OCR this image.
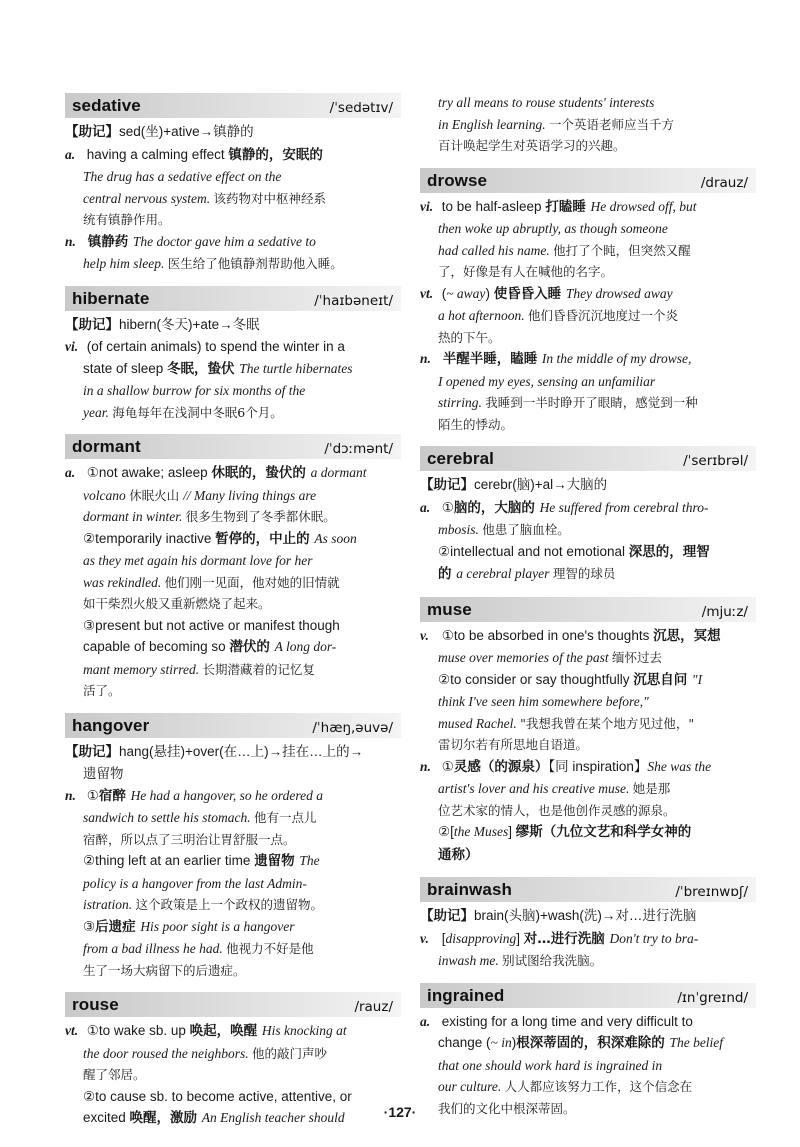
sedative	/ˈsedətɪv/

【助记】sed(坐)+ative→镇静的

a. having a calming effect 镇静的，安眠的

The drug has a sedative effect on the

central nervous system. 该药物对中枢神经系

统有镇静作用。

n. 镇静药 The doctor gave him a sedative to

help him sleep. 医生给了他镇静剂帮助他入睡。

hibernate	/ˈhaɪbəneɪt/

【助记】hibern(冬天)+ate→冬眠

vi. (of certain animals) to spend the winter in a

state of sleep 冬眠，蛰伏 The turtle hibernates

in a shallow burrow for six months of the

year. 海龟每年在浅洞中冬眠6个月。

dormant	/ˈdɔːmənt/

a. ①not awake; asleep 休眠的，蛰伏的 a dormant

volcano 休眠火山 // Many living things are

dormant in winter. 很多生物到了冬季都休眠。

②temporarily inactive 暂停的，中止的 As soon

as they met again his dormant love for her

was rekindled. 他们刚一见面，他对她的旧情就

如干柴烈火般又重新燃烧了起来。

③present but not active or manifest though

capable of becoming so 潜伏的 A long dor-

mant memory stirred. 长期潜藏着的记忆复

活了。

hangover	/ˈhæŋ,əuvə/

【助记】hang(悬挂)+over(在…上)→挂在…上的→

遗留物

n. ①宿醉 He had a hangover, so he ordered a

sandwich to settle his stomach. 他有一点儿

宿醉，所以点了三明治让胃舒服一点。

②thing left at an earlier time 遗留物 The

policy is a hangover from the last Admin-

istration. 这个政策是上一个政权的遗留物。

③后遗症 His poor sight is a hangover

from a bad illness he had. 他视力不好是他

生了一场大病留下的后遗症。

rouse	/rauz/

vt. ①to wake sb. up 唤起，唤醒 His knocking at

the door roused the neighbors. 他的敲门声吵

醒了邻居。

②to cause sb. to become active, attentive, or

excited 唤醒，激励 An English teacher should

try all means to rouse students' interests

in English learning. 一个英语老师应当千方

百计唤起学生对英语学习的兴趣。

drowse	/drauz/

vi. to be half-asleep 打瞌睡 He drowsed off, but

then woke up abruptly, as though someone

had called his name. 他打了个盹，但突然又醒

了，好像是有人在喊他的名字。

vt. (~ away) 使昏昏入睡 They drowsed away

a hot afternoon. 他们昏昏沉沉地度过一个炎

热的下午。

n. 半醒半睡，瞌睡 In the middle of my drowse,

I opened my eyes, sensing an unfamiliar

stirring. 我睡到一半时睁开了眼睛，感觉到一种

陌生的悸动。

cerebral	/ˈserɪbrəl/

【助记】cerebr(脑)+al→大脑的

a. ①脑的，大脑的 He suffered from cerebral thro-

mbosis. 他患了脑血栓。

②intellectual and not emotional 深思的，理智

的 a cerebral player 理智的球员

muse	/mjuːz/

v. ①to be absorbed in one's thoughts 沉思，冥想

muse over memories of the past 缅怀过去

②to consider or say thoughtfully 沉思自问 "I

think I've seen him somewhere before,"

mused Rachel. "我想我曾在某个地方见过他，"

雷切尔若有所思地自语道。

n. ①灵感（的源泉）【同 inspiration】She was the

artist's lover and his creative muse. 她是那

位艺术家的情人，也是他创作灵感的源泉。

②[the Muses] 缪斯（九位文艺和科学女神的

通称）

brainwash	/ˈbreɪnwɒʃ/

【助记】brain(头脑)+wash(洗)→对…进行洗脑

v. [disapproving] 对…进行洗脑 Don't try to bra-

inwash me. 别试图给我洗脑。

ingrained	/ɪnˈgreɪnd/

a. existing for a long time and very difficult to

change (~ in)根深蒂固的，积深难除的 The belief

that one should work hard is ingrained in

our culture. 人人都应该努力工作，这个信念在

我们的文化中根深蒂固。

·127·
